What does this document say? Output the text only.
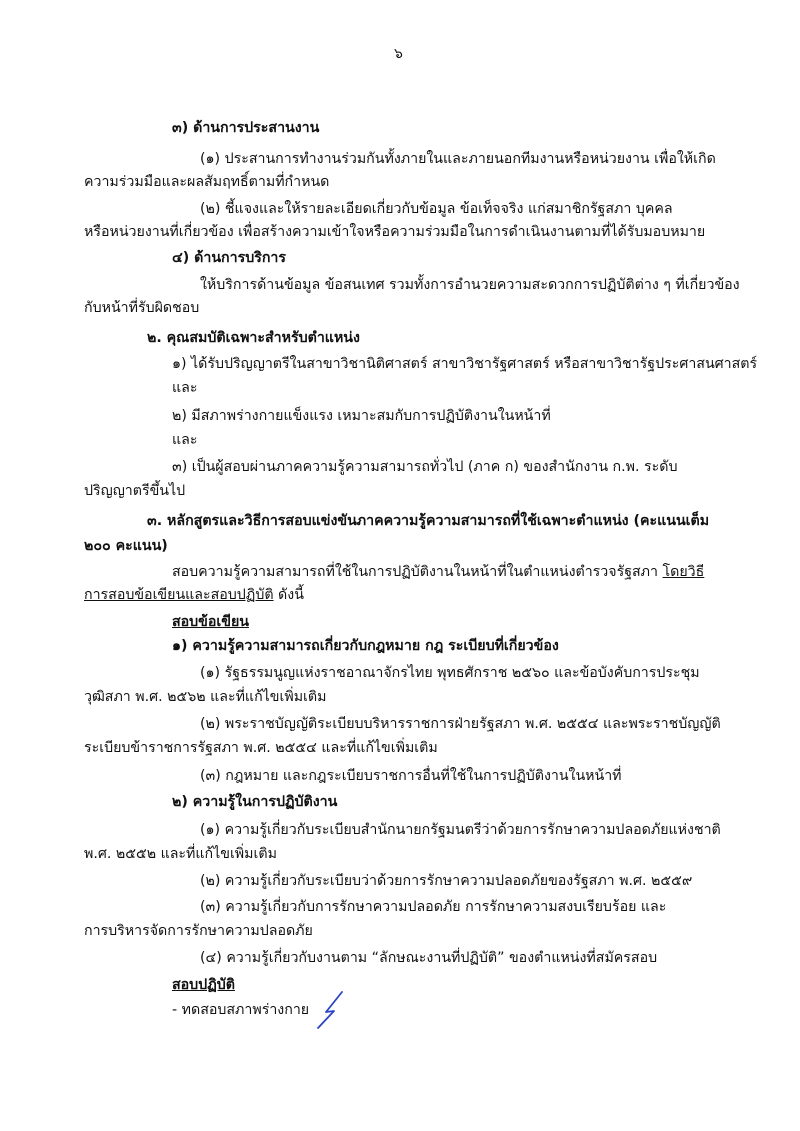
๖
๓) ด้านการประสานงาน
(๑) ประสานการทำงานร่วมกันทั้งภายในและภายนอกทีมงานหรือหน่วยงาน เพื่อให้เกิด
ความร่วมมือและผลสัมฤทธิ์ตามที่กำหนด
(๒) ชี้แจงและให้รายละเอียดเกี่ยวกับข้อมูล ข้อเท็จจริง แก่สมาชิกรัฐสภา บุคคล
หรือหน่วยงานที่เกี่ยวข้อง เพื่อสร้างความเข้าใจหรือความร่วมมือในการดำเนินงานตามที่ได้รับมอบหมาย
๔) ด้านการบริการ
ให้บริการด้านข้อมูล ข้อสนเทศ รวมทั้งการอำนวยความสะดวกการปฏิบัติต่าง ๆ ที่เกี่ยวข้อง
กับหน้าที่รับผิดชอบ
๒. คุณสมบัติเฉพาะสำหรับตำแหน่ง
๑) ได้รับปริญญาตรีในสาขาวิชานิติศาสตร์ สาขาวิชารัฐศาสตร์ หรือสาขาวิชารัฐประศาสนศาสตร์
และ
๒) มีสภาพร่างกายแข็งแรง เหมาะสมกับการปฏิบัติงานในหน้าที่
และ
๓) เป็นผู้สอบผ่านภาคความรู้ความสามารถทั่วไป (ภาค ก) ของสำนักงาน ก.พ. ระดับ
ปริญญาตรีขึ้นไป
๓. หลักสูตรและวิธีการสอบแข่งขันภาคความรู้ความสามารถที่ใช้เฉพาะตำแหน่ง (คะแนนเต็ม
๒๐๐ คะแนน)
สอบความรู้ความสามารถที่ใช้ในการปฏิบัติงานในหน้าที่ในตำแหน่งตำรวจรัฐสภา โดยวิธี
การสอบข้อเขียนและสอบปฏิบัติ ดังนี้
สอบข้อเขียน
๑) ความรู้ความสามารถเกี่ยวกับกฎหมาย กฎ ระเบียบที่เกี่ยวข้อง
(๑) รัฐธรรมนูญแห่งราชอาณาจักรไทย พุทธศักราช ๒๕๖๐ และข้อบังคับการประชุม
วุฒิสภา พ.ศ. ๒๕๖๒ และที่แก้ไขเพิ่มเติม
(๒) พระราชบัญญัติระเบียบบริหารราชการฝ่ายรัฐสภา พ.ศ. ๒๕๕๔ และพระราชบัญญัติ
ระเบียบข้าราชการรัฐสภา พ.ศ. ๒๕๕๔ และที่แก้ไขเพิ่มเติม
(๓) กฎหมาย และกฎระเบียบราชการอื่นที่ใช้ในการปฏิบัติงานในหน้าที่
๒) ความรู้ในการปฏิบัติงาน
(๑) ความรู้เกี่ยวกับระเบียบสำนักนายกรัฐมนตรีว่าด้วยการรักษาความปลอดภัยแห่งชาติ
พ.ศ. ๒๕๕๒ และที่แก้ไขเพิ่มเติม
(๒) ความรู้เกี่ยวกับระเบียบว่าด้วยการรักษาความปลอดภัยของรัฐสภา พ.ศ. ๒๕๕๙
(๓) ความรู้เกี่ยวกับการรักษาความปลอดภัย การรักษาความสงบเรียบร้อย และ
การบริหารจัดการรักษาความปลอดภัย
(๔) ความรู้เกี่ยวกับงานตาม “ลักษณะงานที่ปฏิบัติ” ของตำแหน่งที่สมัครสอบ
สอบปฏิบัติ
- ทดสอบสภาพร่างกาย
